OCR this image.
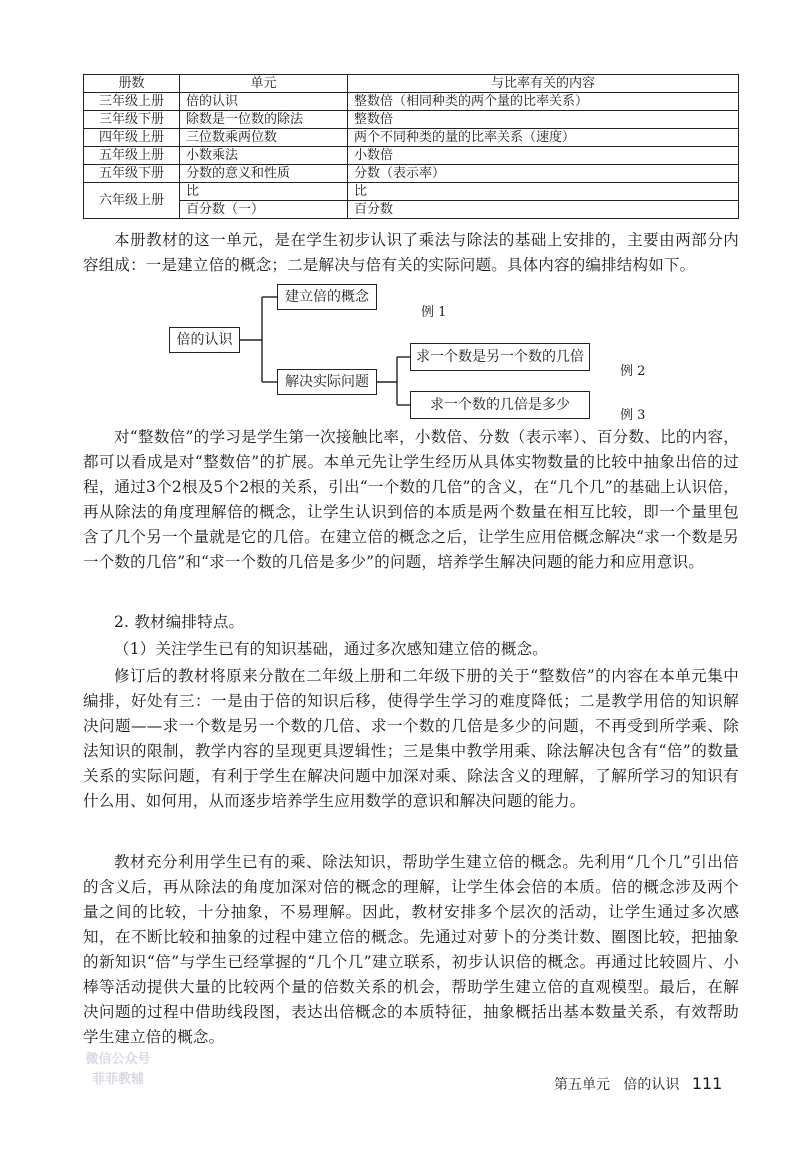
册数	单元	与比率有关的内容
三年级上册	倍的认识	整数倍（相同种类的两个量的比率关系）
三年级下册	除数是一位数的除法	整数倍
四年级上册	三位数乘两位数	两个不同种类的量的比率关系（速度）
五年级上册	小数乘法	小数倍
五年级下册	分数的意义和性质	分数（表示率）
六年级上册	比	比
	百分数（一）	百分数

本册教材的这一单元，是在学生初步认识了乘法与除法的基础上安排的，主要由两部分内容组成：一是建立倍的概念；二是解决与倍有关的实际问题。具体内容的编排结构如下。

倍的认识
建立倍的概念
解决实际问题
求一个数是另一个数的几倍
求一个数的几倍是多少
例 1
例 2
例 3

对“整数倍”的学习是学生第一次接触比率，小数倍、分数（表示率）、百分数、比的内容，都可以看成是对“整数倍”的扩展。本单元先让学生经历从具体实物数量的比较中抽象出倍的过程，通过3个2根及5个2根的关系，引出“一个数的几倍”的含义，在“几个几”的基础上认识倍，再从除法的角度理解倍的概念，让学生认识到倍的本质是两个数量在相互比较，即一个量里包含了几个另一个量就是它的几倍。在建立倍的概念之后，让学生应用倍概念解决“求一个数是另一个数的几倍”和“求一个数的几倍是多少”的问题，培养学生解决问题的能力和应用意识。

2. 教材编排特点。

（1）关注学生已有的知识基础，通过多次感知建立倍的概念。

修订后的教材将原来分散在二年级上册和二年级下册的关于“整数倍”的内容在本单元集中编排，好处有三：一是由于倍的知识后移，使得学生学习的难度降低；二是教学用倍的知识解决问题——求一个数是另一个数的几倍、求一个数的几倍是多少的问题，不再受到所学乘、除法知识的限制，教学内容的呈现更具逻辑性；三是集中教学用乘、除法解决包含有“倍”的数量关系的实际问题，有利于学生在解决问题中加深对乘、除法含义的理解，了解所学习的知识有什么用、如何用，从而逐步培养学生应用数学的意识和解决问题的能力。

教材充分利用学生已有的乘、除法知识，帮助学生建立倍的概念。先利用“几个几”引出倍的含义后，再从除法的角度加深对倍的概念的理解，让学生体会倍的本质。倍的概念涉及两个量之间的比较，十分抽象，不易理解。因此，教材安排多个层次的活动，让学生通过多次感知，在不断比较和抽象的过程中建立倍的概念。先通过对萝卜的分类计数、圈图比较，把抽象的新知识“倍”与学生已经掌握的“几个几”建立联系，初步认识倍的概念。再通过比较圆片、小棒等活动提供大量的比较两个量的倍数关系的机会，帮助学生建立倍的直观模型。最后，在解决问题的过程中借助线段图，表达出倍概念的本质特征，抽象概括出基本数量关系，有效帮助学生建立倍的概念。

第五单元 倍的认识 111
微信公众号
菲菲教辅
